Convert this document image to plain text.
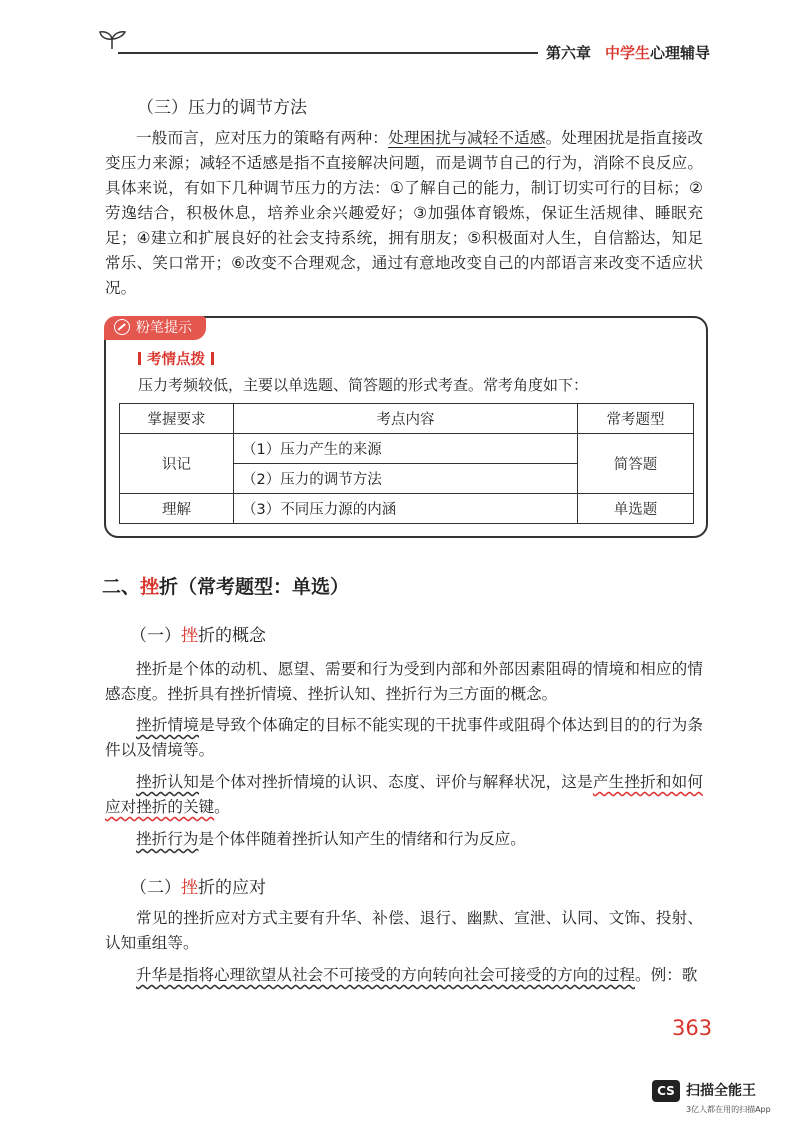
第六章 中学生心理辅导
（三）压力的调节方法

一般而言，应对压力的策略有两种：处理困扰与减轻不适感。处理困扰是指直接改变压力来源；减轻不适感是指不直接解决问题，而是调节自己的行为，消除不良反应。具体来说，有如下几种调节压力的方法：①了解自己的能力，制订切实可行的目标；②劳逸结合，积极休息，培养业余兴趣爱好；③加强体育锻炼，保证生活规律、睡眠充足；④建立和扩展良好的社会支持系统，拥有朋友；⑤积极面对人生，自信豁达，知足常乐、笑口常开；⑥改变不合理观念，通过有意地改变自己的内部语言来改变不适应状况。

粉笔提示
考情点拨
压力考频较低，主要以单选题、简答题的形式考查。常考角度如下：
掌握要求	考点内容	常考题型
识记	（1）压力产生的来源	简答题
	（2）压力的调节方法	
理解	（3）不同压力源的内涵	单选题
二、挫折（常考题型：单选）
（一）挫折的概念

挫折是个体的动机、愿望、需要和行为受到内部和外部因素阻碍的情境和相应的情感态度。挫折具有挫折情境、挫折认知、挫折行为三方面的概念。

挫折情境是导致个体确定的目标不能实现的干扰事件或阻碍个体达到目的的行为条件以及情境等。

挫折认知是个体对挫折情境的认识、态度、评价与解释状况，这是产生挫折和如何应对挫折的关键。

挫折行为是个体伴随着挫折认知产生的情绪和行为反应。

（二）挫折的应对

常见的挫折应对方式主要有升华、补偿、退行、幽默、宣泄、认同、文饰、投射、认知重组等。

升华是指将心理欲望从社会不可接受的方向转向社会可接受的方向的过程。例：歌

363
CS 扫描全能王
3亿人都在用的扫描App
